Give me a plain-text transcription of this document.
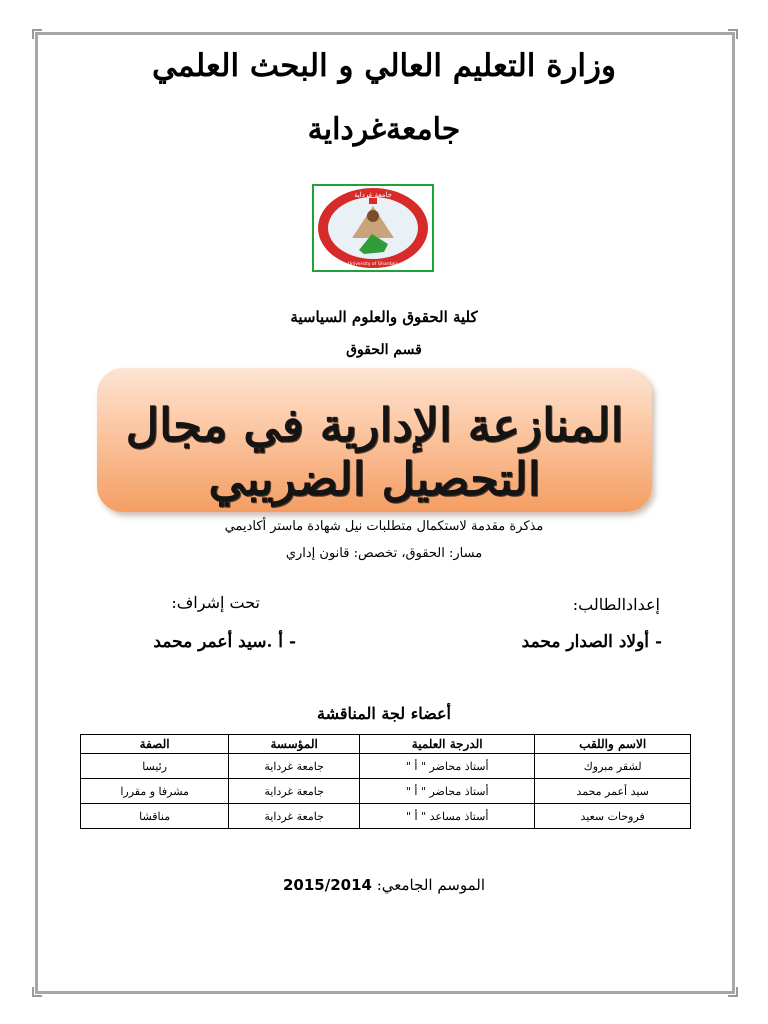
وزارة التعليم العالي و البحث العلمي
جامعةغرداية
جامعة غرداية
University of Ghardaia
كلية الحقوق والعلوم السياسية
قسم الحقوق
المنازعة الإدارية في مجال التحصيل الضريبي
مذكرة مقدمة لاستكمال متطلبات نيل شهادة ماستر أكاديمي
مسار: الحقوق، تخصص: قانون إداري
إعدادالطالب:
تحت إشراف:
- أولاد الصدار محمد
- أ .سيد أعمر محمد
أعضاء لجة المناقشة
الاسم واللقب	الدرجة العلمية	المؤسسة	الصفة
لشقر مبروك	أستاذ محاضر " أ "	جامعة غرداية	رئيسا
سيد أعمر محمد	أستاذ محاضر " أ "	جامعة غرداية	مشرفا و مقررا
فروحات سعيد	أستاذ مساعد " أ "	جامعة غرداية	مناقشا
الموسم الجامعي: 2015/2014
